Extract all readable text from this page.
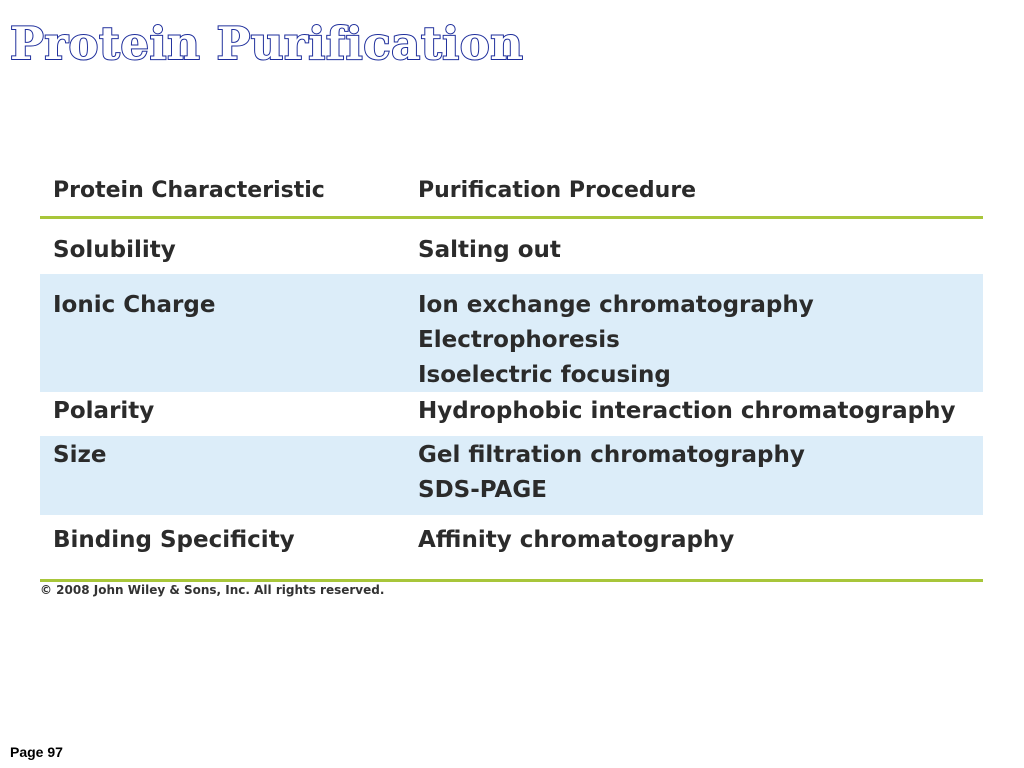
Protein Purification
Protein Characteristic	Purification Procedure
Solubility	Salting out
Ionic Charge	Ion exchange chromatography
Electrophoresis
Isoelectric focusing
Polarity	Hydrophobic interaction chromatography
Size	Gel filtration chromatography
SDS-PAGE
Binding Specificity	Affinity chromatography
© 2008 John Wiley & Sons, Inc. All rights reserved.
Page 97
